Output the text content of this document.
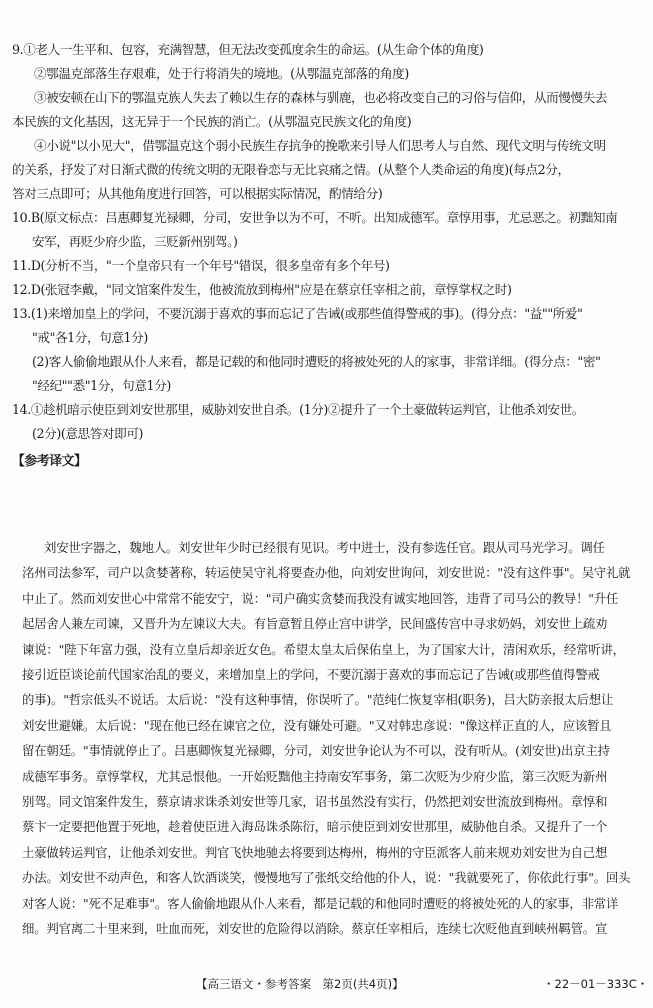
9.①老人一生平和、包容，充满智慧，但无法改变孤度余生的命运。(从生命个体的角度)
②鄂温克部落生存艰难，处于行将消失的境地。(从鄂温克部落的角度)
③被安顿在山下的鄂温克族人失去了赖以生存的森林与驯鹿，也必将改变自己的习俗与信仰，从而慢慢失去
本民族的文化基因，这无异于一个民族的消亡。(从鄂温克民族文化的角度)
④小说"以小见大"，借鄂温克这个弱小民族生存抗争的挽歌来引导人们思考人与自然、现代文明与传统文明
的关系，抒发了对日渐式微的传统文明的无限眷恋与无比哀痛之情。(从整个人类命运的角度)(每点2分，
答对三点即可；从其他角度进行回答，可以根据实际情况，酌情给分)
10.B(原文标点：吕惠卿复光禄卿，分司，安世争以为不可，不听。出知成德军。章惇用事，尤忌恶之。初黜知南
安军，再贬少府少监，三贬新州别驾。)
11.D(分析不当，"一个皇帝只有一个年号"错误，很多皇帝有多个年号)
12.D(张冠李戴，"同文馆案件发生，他被流放到梅州"应是在蔡京任宰相之前，章惇掌权之时)
13.(1)来增加皇上的学问，不要沉溺于喜欢的事而忘记了告诫(或那些值得警戒的事)。(得分点："益""所爱"
"戒"各1分，句意1分)
(2)客人偷偷地跟从仆人来看，都是记载的和他同时遭贬的将被处死的人的家事，非常详细。(得分点："密"
"经纪""悉"1分，句意1分)
14.①趁机暗示使臣到刘安世那里，威胁刘安世自杀。(1分)②提升了一个土豪做转运判官，让他杀刘安世。
(2分)(意思答对即可)
【参考译文】
刘安世字器之，魏地人。刘安世年少时已经很有见识。考中进士，没有参选任官。跟从司马光学习。调任
洺州司法参军，司户以贪婪著称，转运使吴守礼将要查办他，向刘安世询问，刘安世说："没有这件事"。吴守礼就
中止了。然而刘安世心中常常不能安宁，说："司户确实贪婪而我没有诚实地回答，违背了司马公的教导！"升任
起居舍人兼左司谏，又晋升为左谏议大夫。有旨意暂且停止宫中讲学，民间盛传宫中寻求奶妈，刘安世上疏劝
谏说："陛下年富力强，没有立皇后却亲近女色。希望太皇太后保佑皇上，为了国家大计，清闲欢乐，经常听讲，
接引近臣谈论前代国家治乱的要义，来增加皇上的学问，不要沉溺于喜欢的事而忘记了告诫(或那些值得警戒
的事)。"哲宗低头不说话。太后说："没有这种事情，你误听了。"范纯仁恢复宰相(职务)，吕大防亲报太后想让
刘安世避嫌。太后说："现在他已经在谏官之位，没有嫌处可避。"又对韩忠彦说："像这样正直的人，应该暂且
留在朝廷。"事情就停止了。吕惠卿恢复光禄卿，分司，刘安世争论认为不可以，没有听从。(刘安世)出京主持
成德军事务。章惇掌权，尤其忌恨他。一开始贬黜他主持南安军事务，第二次贬为少府少监，第三次贬为新州
别驾。同文馆案件发生，蔡京请求诛杀刘安世等几家，诏书虽然没有实行，仍然把刘安世流放到梅州。章惇和
蔡卞一定要把他置于死地，趁着使臣进入海岛诛杀陈衍，暗示使臣到刘安世那里，威胁他自杀。又提升了一个
土豪做转运判官，让他杀刘安世。判官飞快地驰去将要到达梅州，梅州的守臣派客人前来规劝刘安世为自己想
办法。刘安世不动声色，和客人饮酒谈笑，慢慢地写了张纸交给他的仆人，说："我就要死了，你依此行事"。回头
对客人说："死不足难事"。客人偷偷地跟从仆人来看，都是记载的和他同时遭贬的将被处死的人的家事，非常详
细。判官离二十里来到，吐血而死，刘安世的危险得以消除。蔡京任宰相后，连续七次贬他直到峡州羁管。宣
【高三语文・参考答案　第2页(共4页)】	・22－01－333C・
